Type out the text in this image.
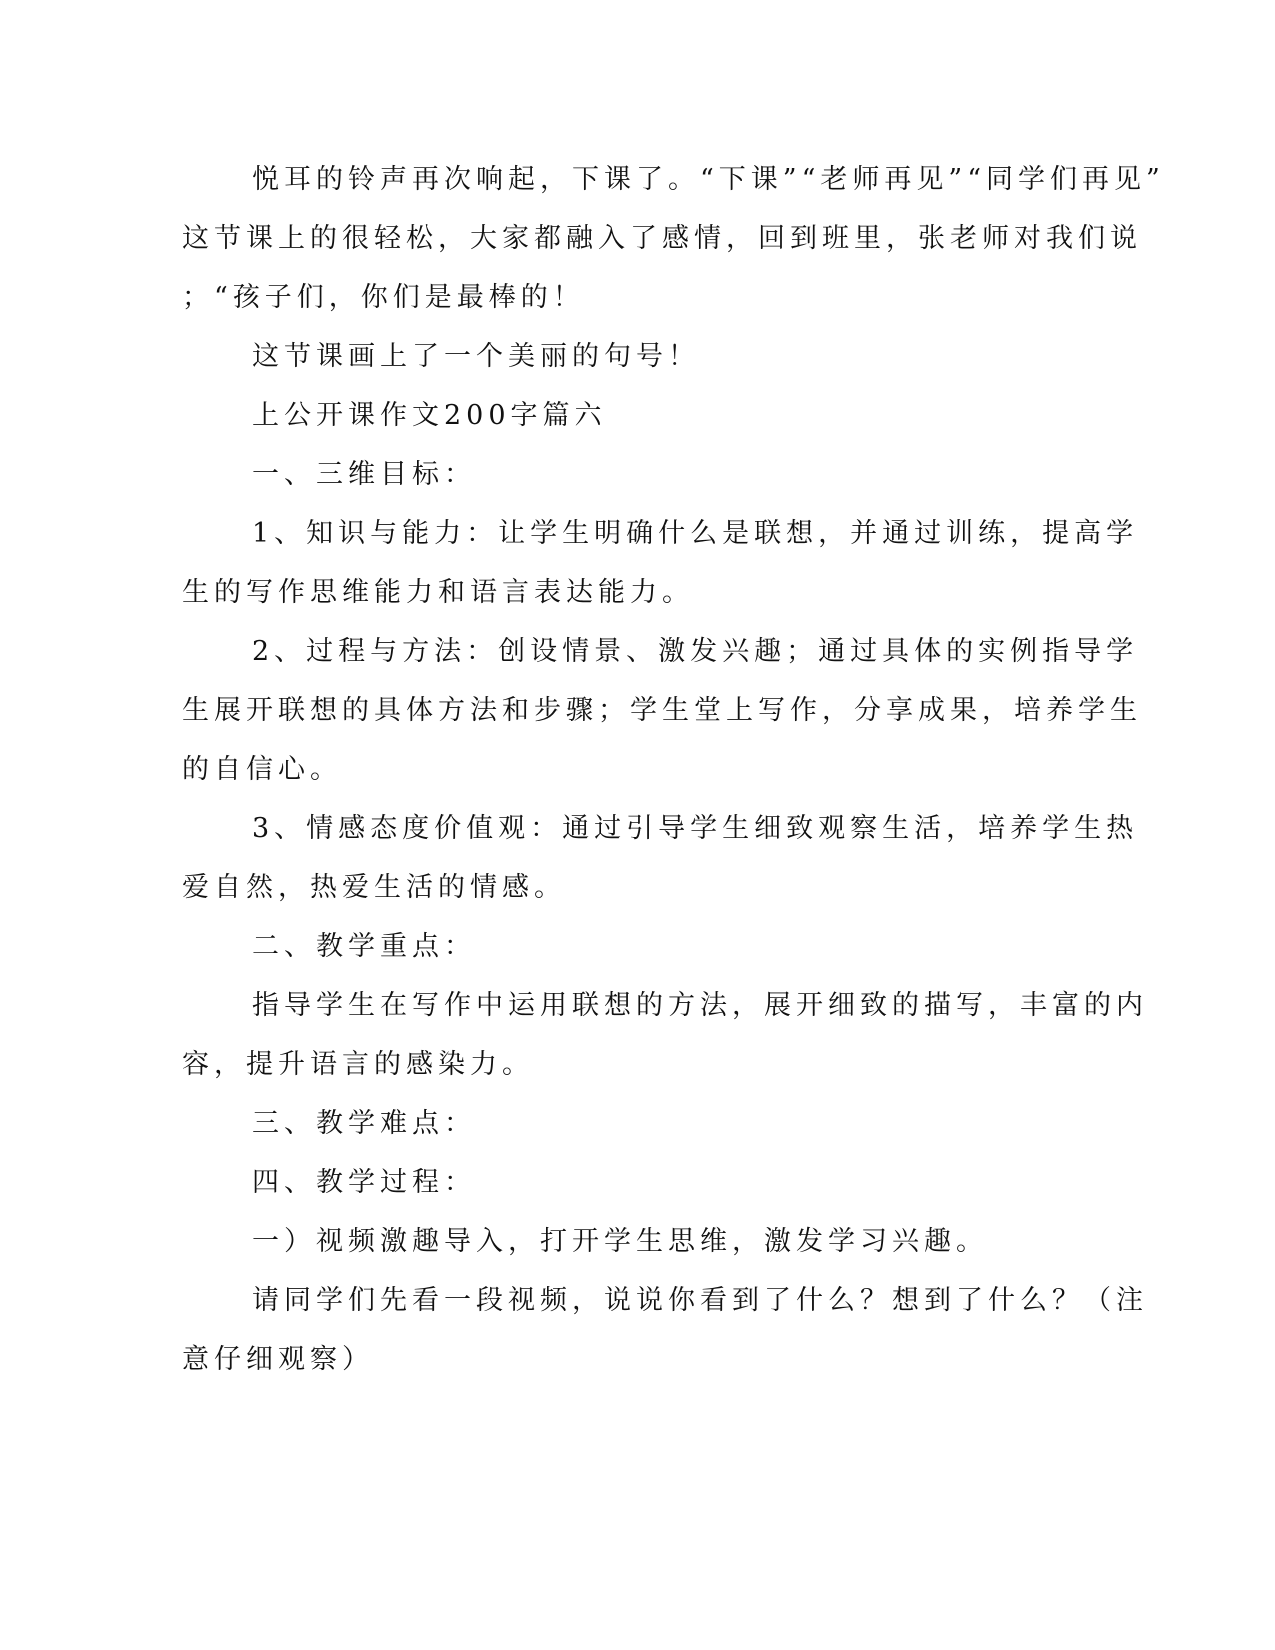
悦耳的铃声再次响起，下课了。“下课”“老师再见”“同学们再见”

这节课上的很轻松，大家都融入了感情，回到班里，张老师对我们说

；“孩子们，你们是最棒的！

这节课画上了一个美丽的句号！

上公开课作文200字篇六

一、三维目标：

1、知识与能力：让学生明确什么是联想，并通过训练，提高学

生的写作思维能力和语言表达能力。

2、过程与方法：创设情景、激发兴趣；通过具体的实例指导学

生展开联想的具体方法和步骤；学生堂上写作，分享成果，培养学生

的自信心。

3、情感态度价值观：通过引导学生细致观察生活，培养学生热

爱自然，热爱生活的情感。

二、教学重点：

指导学生在写作中运用联想的方法，展开细致的描写，丰富的内

容，提升语言的感染力。

三、教学难点：

四、教学过程：

一）视频激趣导入，打开学生思维，激发学习兴趣。

请同学们先看一段视频，说说你看到了什么？想到了什么？（注

意仔细观察）
